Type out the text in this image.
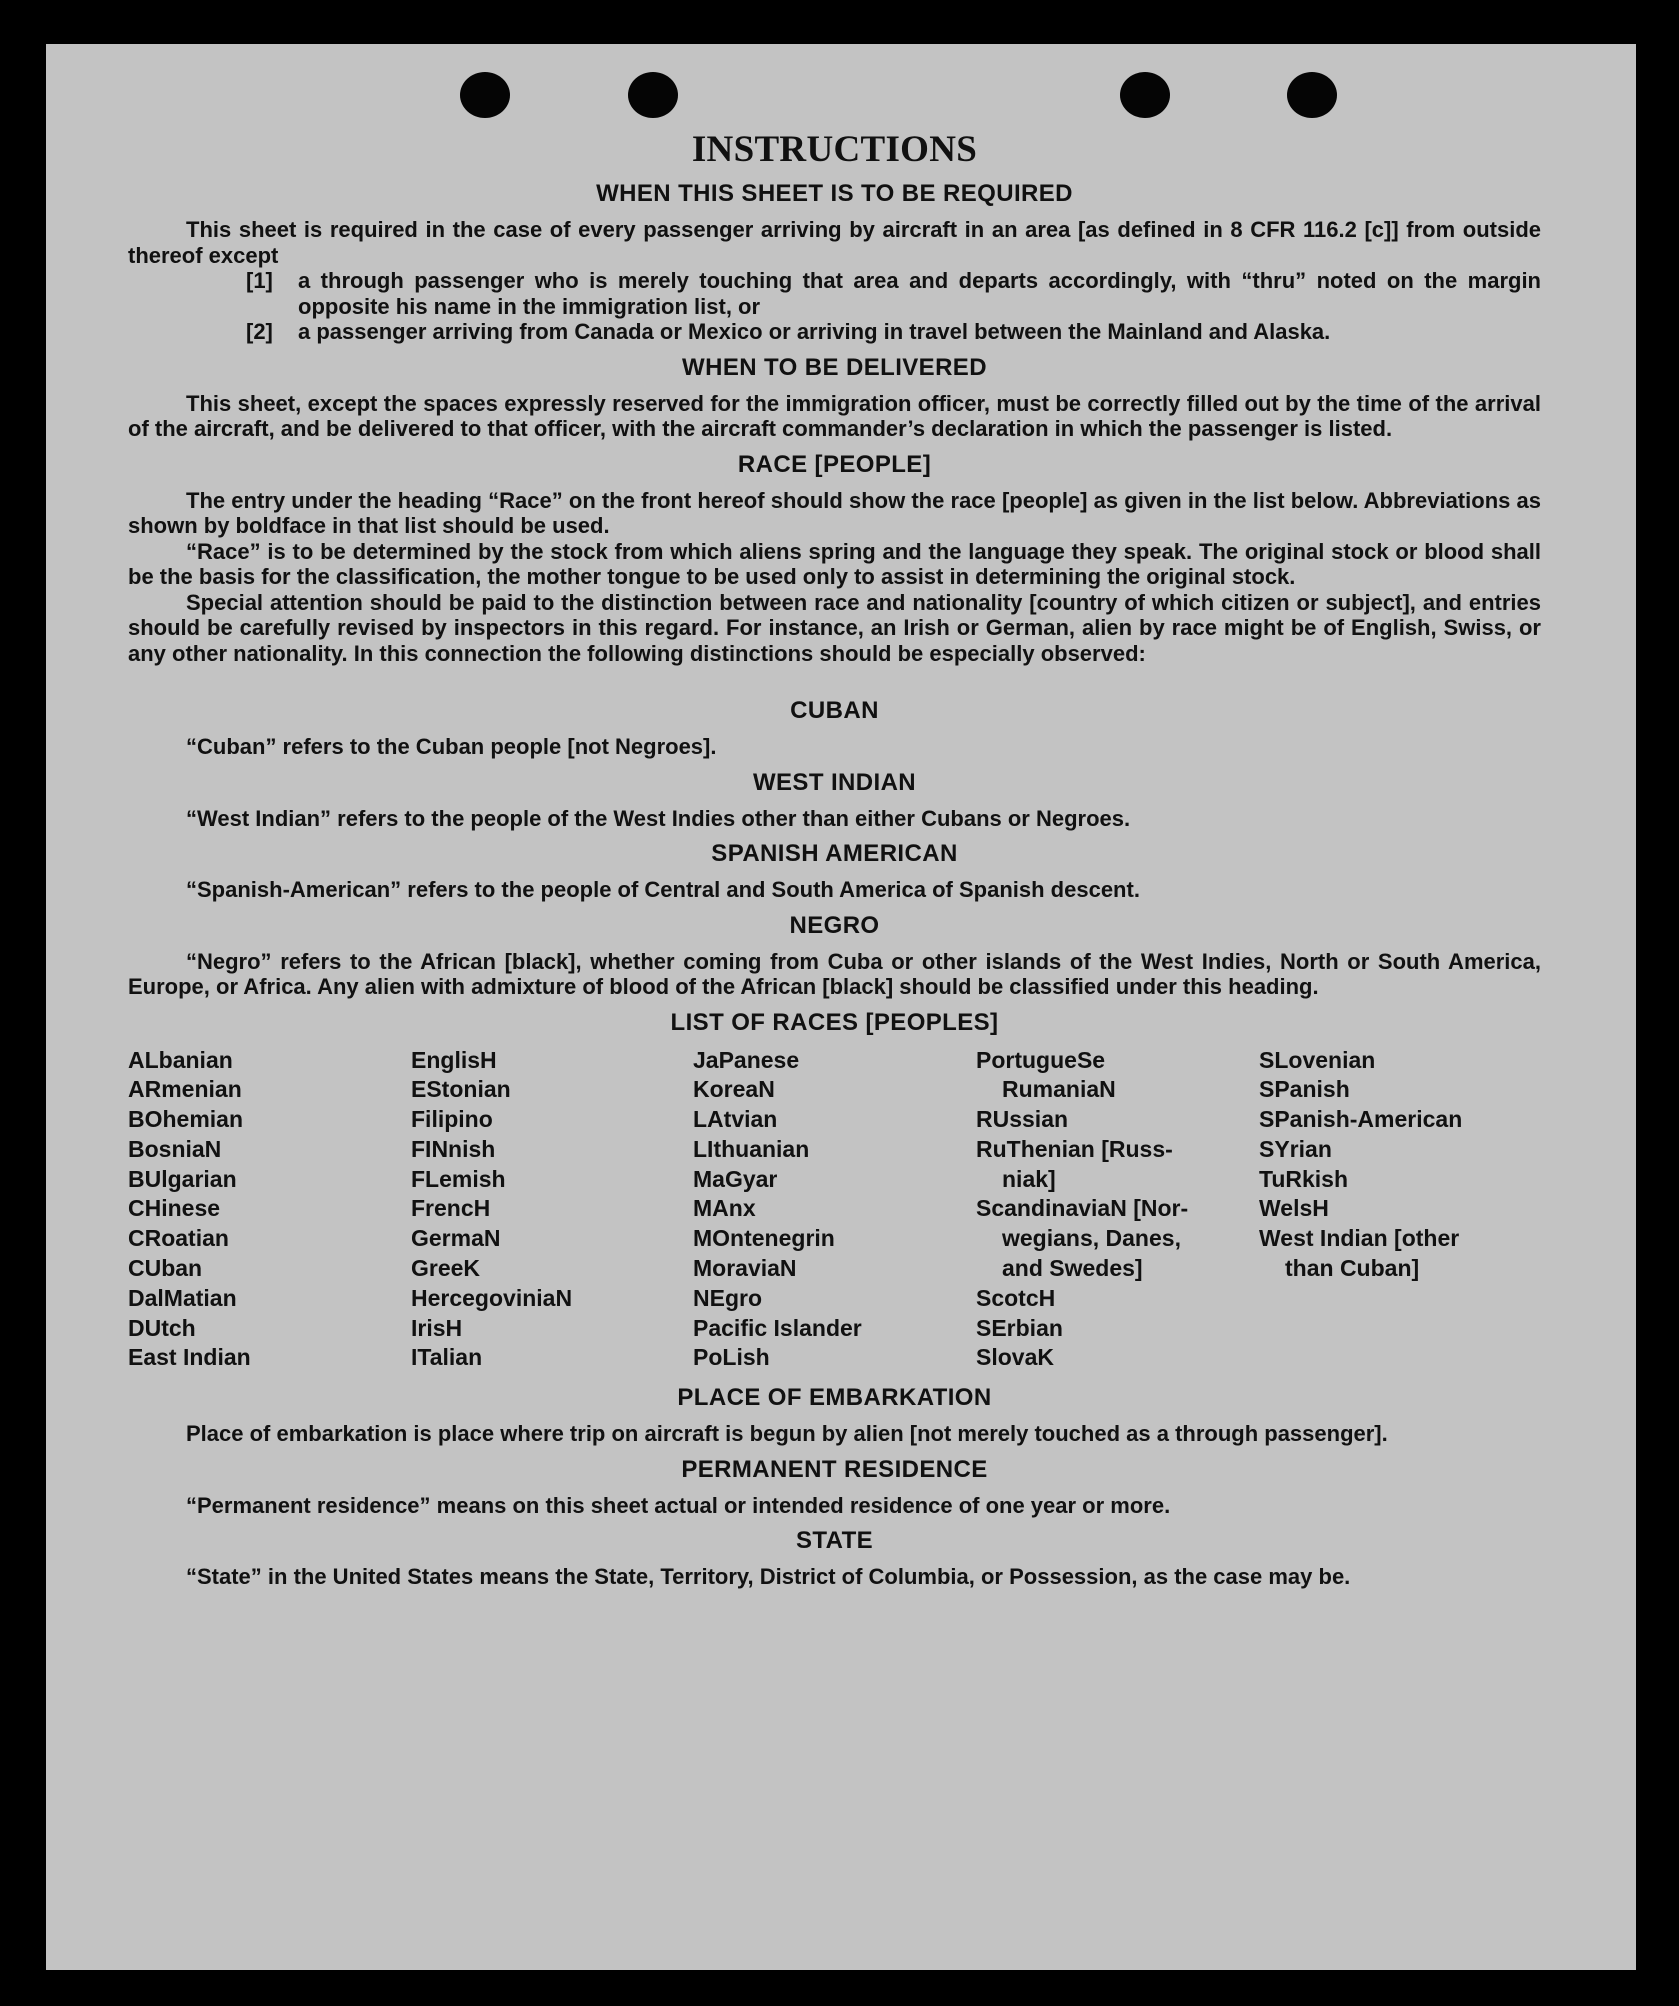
INSTRUCTIONS
WHEN THIS SHEET IS TO BE REQUIRED

This sheet is required in the case of every passenger arriving by aircraft in an area [as defined in 8 CFR 116.2 [c]] from outside thereof except

[1]	a through passenger who is merely touching that area and departs accordingly, with “thru” noted on the margin opposite his name in the immigration list, or
[2]	a passenger arriving from Canada or Mexico or arriving in travel between the Mainland and Alaska.
WHEN TO BE DELIVERED

This sheet, except the spaces expressly reserved for the immigration officer, must be correctly filled out by the time of the arrival of the aircraft, and be delivered to that officer, with the aircraft commander’s declaration in which the passenger is listed.

RACE [PEOPLE]

The entry under the heading “Race” on the front hereof should show the race [people] as given in the list below. Abbreviations as shown by boldface in that list should be used.

“Race” is to be determined by the stock from which aliens spring and the language they speak. The original stock or blood shall be the basis for the classification, the mother tongue to be used only to assist in determining the original stock.

Special attention should be paid to the distinction between race and nationality [country of which citizen or subject], and entries should be carefully revised by inspectors in this regard. For instance, an Irish or German, alien by race might be of English, Swiss, or any other nationality. In this connection the following distinctions should be especially observed:

CUBAN

“Cuban” refers to the Cuban people [not Negroes].

WEST INDIAN

“West Indian” refers to the people of the West Indies other than either Cubans or Negroes.

SPANISH AMERICAN

“Spanish-American” refers to the people of Central and South America of Spanish descent.

NEGRO

“Negro” refers to the African [black], whether coming from Cuba or other islands of the West Indies, North or South America, Europe, or Africa. Any alien with admixture of blood of the African [black] should be classified under this heading.

LIST OF RACES [PEOPLES]
ALbanian
ARmenian
BOhemian
BosniaN
BUlgarian
CHinese
CRoatian
CUban
DalMatian
DUtch
East Indian
EnglisH
EStonian
Filipino
FINnish
FLemish
FrencH
GermaN
GreeK
HercegoviniaN
IrisH
ITalian
JaPanese
KoreaN
LAtvian
LIthuanian
MaGyar
MAnx
MOntenegrin
MoraviaN
NEgro
Pacific Islander
PoLish
PortugueSe
RumaniaN
RUssian
RuThenian [Russ-
niak]
ScandinaviaN [Nor-
wegians, Danes,
and Swedes]
ScotcH
SErbian
SlovaK
SLovenian
SPanish
SPanish-American
SYrian
TuRkish
WelsH
West Indian [other
than Cuban]
PLACE OF EMBARKATION

Place of embarkation is place where trip on aircraft is begun by alien [not merely touched as a through passenger].

PERMANENT RESIDENCE

“Permanent residence” means on this sheet actual or intended residence of one year or more.

STATE

“State” in the United States means the State, Territory, District of Columbia, or Possession, as the case may be.
